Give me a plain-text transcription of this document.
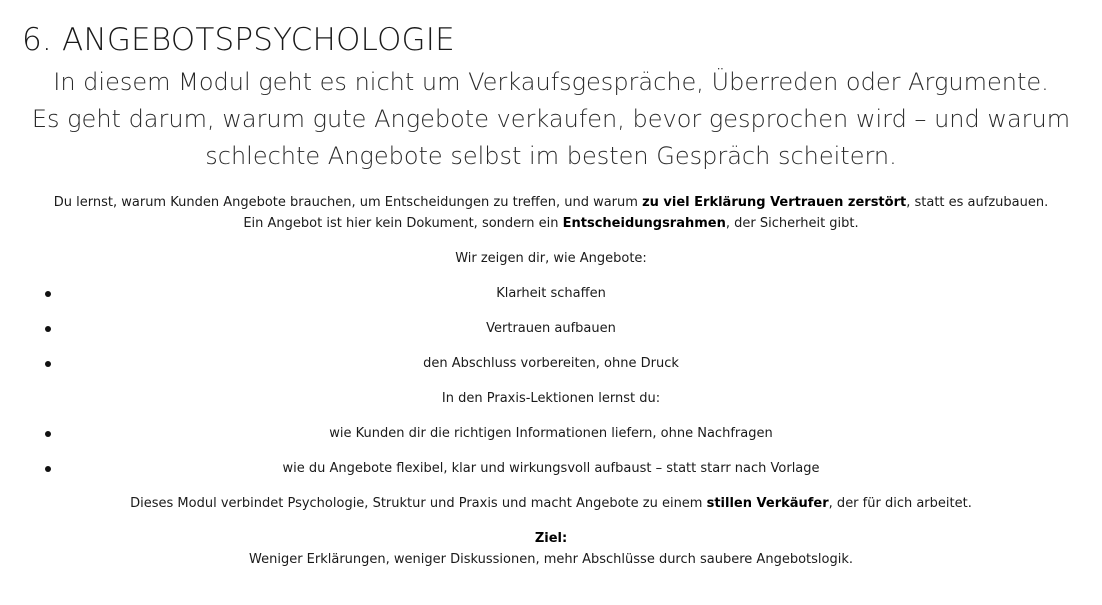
6. ANGEBOTSPSYCHOLOGIE

In diesem Modul geht es nicht um Verkaufsgespräche, Überreden oder Argumente.
Es geht darum, warum gute Angebote verkaufen, bevor gesprochen wird – und warum
schlechte Angebote selbst im besten Gespräch scheitern.

Du lernst, warum Kunden Angebote brauchen, um Entscheidungen zu treffen, und warum zu viel Erklärung Vertrauen zerstört, statt es aufzubauen.
Ein Angebot ist hier kein Dokument, sondern ein Entscheidungsrahmen, der Sicherheit gibt.
Wir zeigen dir, wie Angebote:
Klarheit schaffen
Vertrauen aufbauen
den Abschluss vorbereiten, ohne Druck
In den Praxis-Lektionen lernst du:
wie Kunden dir die richtigen Informationen liefern, ohne Nachfragen
wie du Angebote flexibel, klar und wirkungsvoll aufbaust – statt starr nach Vorlage
Dieses Modul verbindet Psychologie, Struktur und Praxis und macht Angebote zu einem stillen Verkäufer, der für dich arbeitet.
Ziel:
Weniger Erklärungen, weniger Diskussionen, mehr Abschlüsse durch saubere Angebotslogik.
